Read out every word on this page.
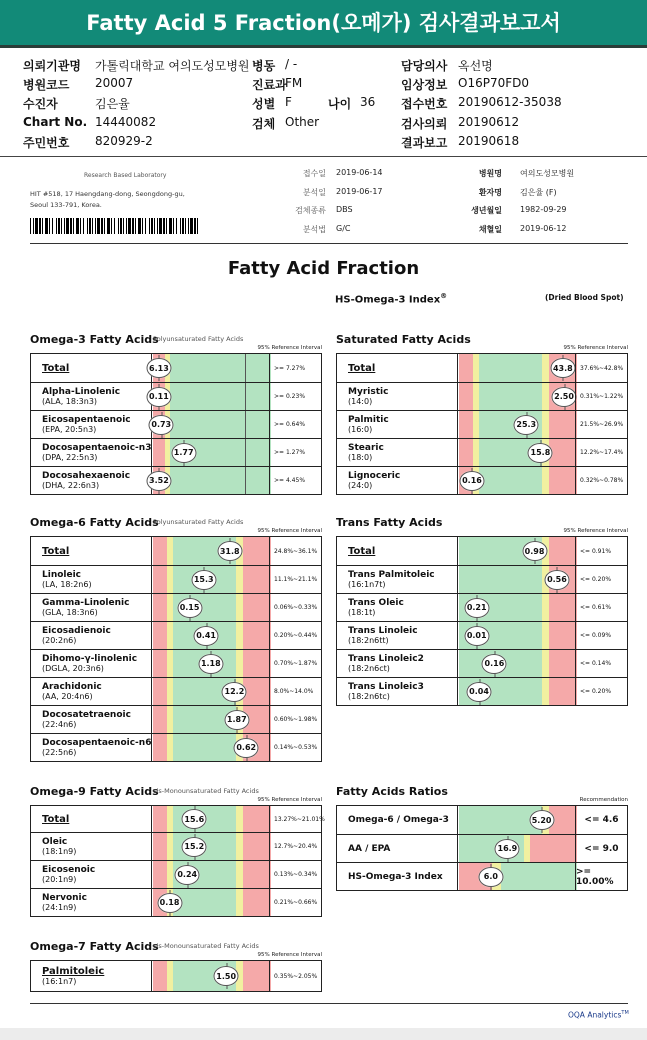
Fatty Acid 5 Fraction(오메가) 검사결과보고서
의뢰기관명 가톨릭대학교 여의도성모병원
병원코드 20007
수진자	김은율
Chart No. 14440082
주민번호 820929-2
병동 / -
진료과
FM
성별 F
검체 Other
담당의사 옥선명
임상정보 O16P70FD0
접수번호 20190612-35038
검사의뢰 20190612
결과보고 20190618
나이 36
Research Based Laboratory
HIT #518, 17 Haengdang-dong, Seongdong-gu,
Seoul 133-791, Korea.
접수일 2019-06-14
분석일 2019-06-17
검체종류 DBS
분석법 G/C
병원명 여의도성모병원
환자명 김은율 (F)
생년월일 1982-09-29
채혈일 2019-06-12
Fatty Acid Fraction
HS-Omega-3 Index®	(Dried Blood Spot)
Omega-3 Fatty Acids
Polyunsaturated Fatty Acids
95% Reference Interval
Total	6.13	>= 7.27%
Alpha-Linolenic
(ALA, 18:3n3)
0.11	>= 0.23%
Eicosapentaenoic
(EPA, 20:5n3)
0.73	>= 0.64%
Docosapentaenoic-n3
(DPA, 22:5n3)
1.77	>= 1.27%
Docosahexaenoic
(DHA, 22:6n3)
3.52	>= 4.45%
Saturated Fatty Acids
95% Reference Interval
Total	43.8	37.6%~42.8%
Myristic
(14:0)
2.50	0.31%~1.22%
Palmitic
(16:0)
25.3	21.5%~26.9%
Stearic
(18:0)
15.8	12.2%~17.4%
Lignoceric
(24:0)
0.16	0.32%~0.78%
Omega-6 Fatty Acids
Polyunsaturated Fatty Acids
95% Reference Interval
Total	31.8	24.8%~36.1%
Linoleic
(LA, 18:2n6)
15.3	11.1%~21.1%
Gamma-Linolenic
(GLA, 18:3n6)
0.15	0.06%~0.33%
Eicosadienoic
(20:2n6)
0.41	0.20%~0.44%
Dihomo-γ-linolenic
(DGLA, 20:3n6)
1.18	0.70%~1.87%
Arachidonic
(AA, 20:4n6)
12.2	8.0%~14.0%
Docosatetraenoic
(22:4n6)
1.87	0.60%~1.98%
Docosapentaenoic-n6
(22:5n6)
0.62	0.14%~0.53%
Trans Fatty Acids
95% Reference Interval
Total	0.98	<= 0.91%
Trans Palmitoleic
(16:1n7t)
0.56	<= 0.20%
Trans Oleic
(18:1t)
0.21	<= 0.61%
Trans Linoleic
(18:2n6tt)
0.01	<= 0.09%
Trans Linoleic2
(18:2n6ct)
0.16	<= 0.14%
Trans Linoleic3
(18:2n6tc)
0.04	<= 0.20%
Omega-9 Fatty Acids
cis-Monounsaturated Fatty Acids
95% Reference Interval
Total	15.6	13.27%~21.01%
Oleic
(18:1n9)
15.2	12.7%~20.4%
Eicosenoic
(20:1n9)
0.24	0.13%~0.34%
Nervonic
(24:1n9)
0.18	0.21%~0.66%
Fatty Acids Ratios
Recommendation
Omega-6 / Omega-3	5.20	<= 4.6
AA / EPA	16.9	<= 9.0
HS-Omega-3 Index	6.0	>= 10.00%
Omega-7 Fatty Acids
cis-Monounsaturated Fatty Acids
95% Reference Interval
Palmitoleic
(16:1n7)
1.50	0.35%~2.05%
OQA Analytics™
